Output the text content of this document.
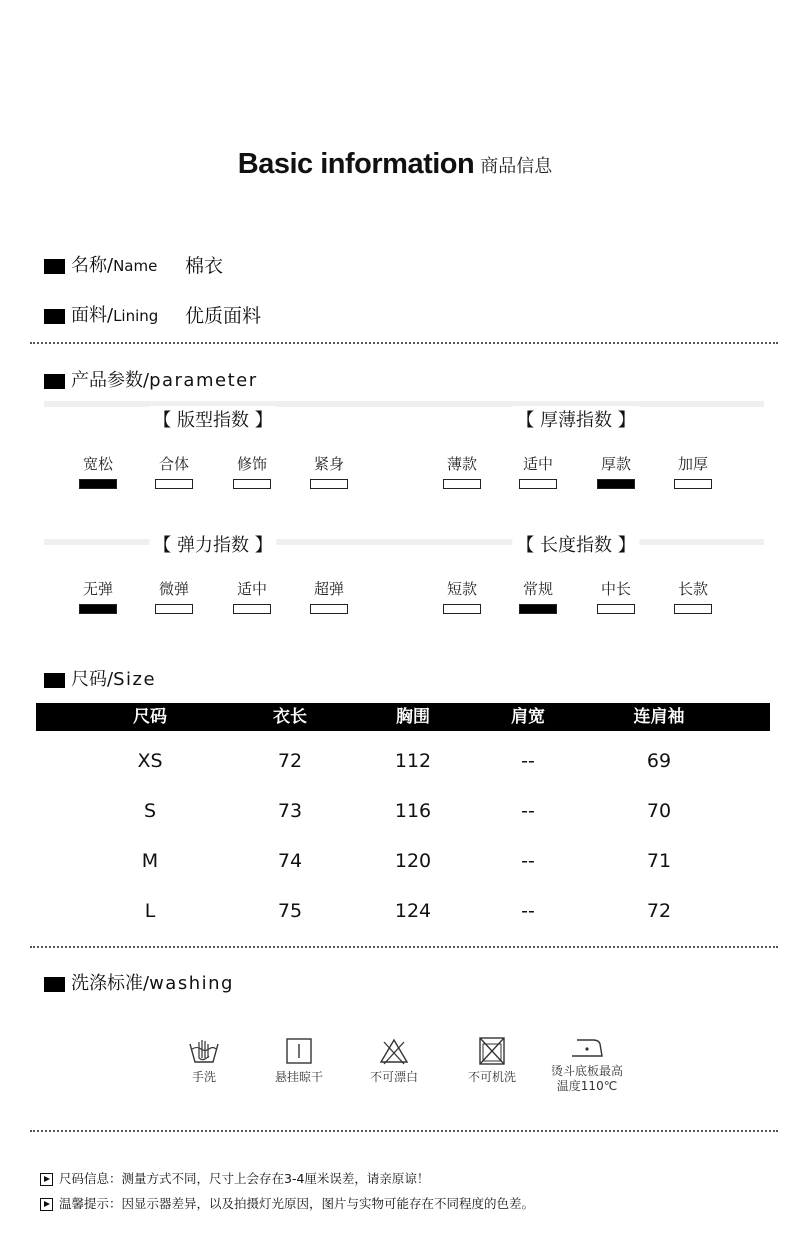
Basic information 商品信息
名称/Name 棉衣
面料/Lining 优质面料
产品参数/parameter
【 版型指数 】	【 厚薄指数 】
【 弹力指数 】	【 长度指数 】
宽松	合体	修饰	紧身	薄款	适中	厚款	加厚
无弹	微弹	适中	超弹	短款	常规	中长	长款
尺码/Size
尺码	衣长	胸围	肩宽	连肩袖
XS	72	112	--	69
S	73	116	--	70
M	74	120	--	71
L	75	124	--	72
洗涤标准/washing
手洗	悬挂晾干	不可漂白	不可机洗	烫斗底板最高
温度110℃
尺码信息：测量方式不同，尺寸上会存在3-4厘米误差，请亲原谅！
温馨提示：因显示器差异，以及拍摄灯光原因，图片与实物可能存在不同程度的色差。
